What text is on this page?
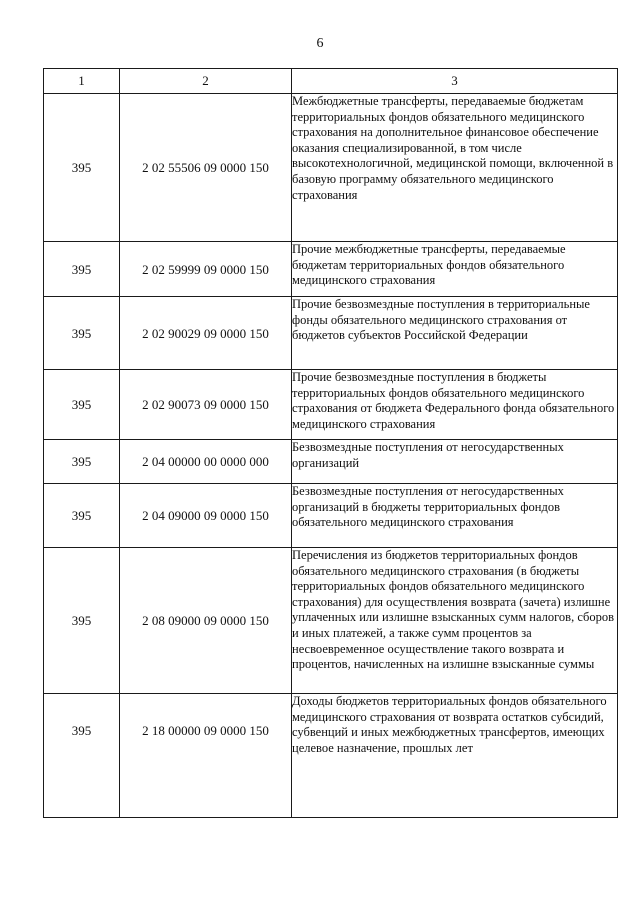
6
1	2	3
395	2 02 55506 09 0000 150	Межбюджетные трансферты, передаваемые бюджетам территориальных фондов обязательного медицинского страхования на дополнительное финансовое обеспечение оказания специализированной, в том числе высокотехнологичной, медицинской помощи, включенной в базовую программу обязательного медицинского страхования
395	2 02 59999 09 0000 150	Прочие межбюджетные трансферты, передаваемые бюджетам территориальных фондов обязательного медицинского страхования
395	2 02 90029 09 0000 150	Прочие безвозмездные поступления в территориальные фонды обязательного медицинского страхования от бюджетов субъектов Российской Федерации
395	2 02 90073 09 0000 150	Прочие безвозмездные поступления в бюджеты территориальных фондов обязательного медицинского страхования от бюджета Федерального фонда обязательного медицинского страхования
395	2 04 00000 00 0000 000	Безвозмездные поступления от негосударственных организаций
395	2 04 09000 09 0000 150	Безвозмездные поступления от негосударственных организаций в бюджеты территориальных фондов обязательного медицинского страхования
395	2 08 09000 09 0000 150	Перечисления из бюджетов территориальных фондов обязательного медицинского страхования (в бюджеты территориальных фондов обязательного медицинского страхования) для осуществления возврата (зачета) излишне уплаченных или излишне взысканных сумм налогов, сборов и иных платежей, а также сумм процентов за несвоевременное осуществление такого возврата и процентов, начисленных на излишне взысканные суммы
395	2 18 00000 09 0000 150	Доходы бюджетов территориальных фондов обязательного медицинского страхования от возврата остатков субсидий, субвенций и иных межбюджетных трансфертов, имеющих целевое назначение, прошлых лет
